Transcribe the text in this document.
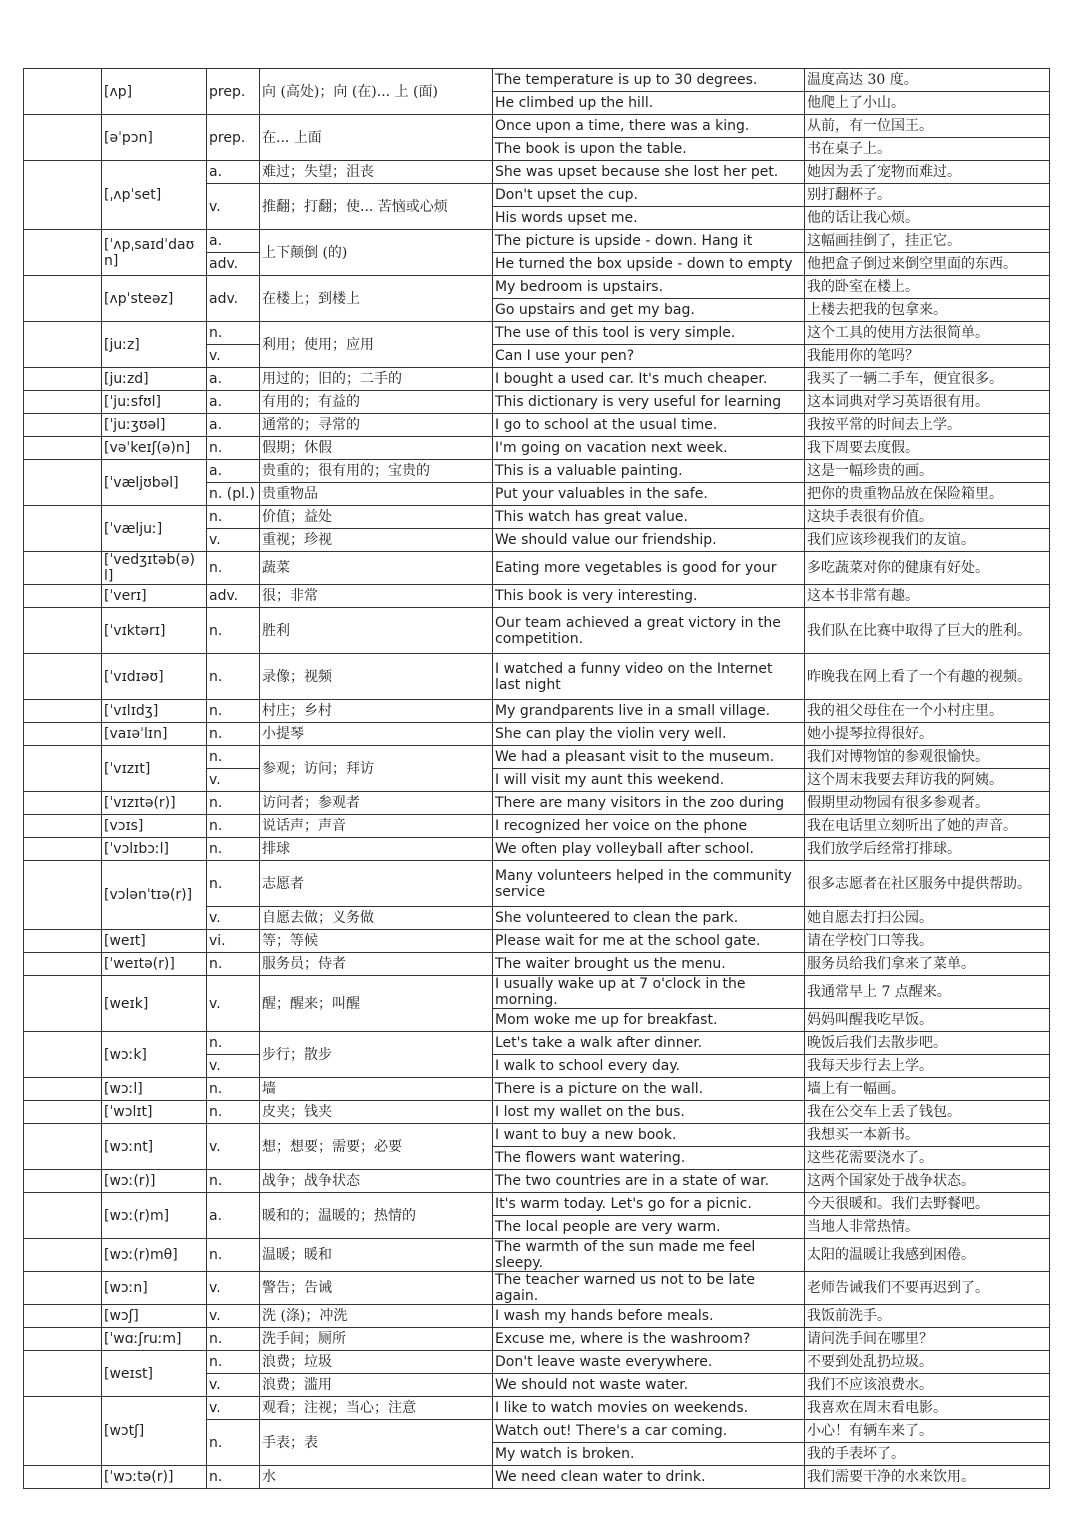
	[ʌp]	prep.	向 (高处)；向 (在)... 上 (面)	The temperature is up to 30 degrees.	温度高达 30 度。
				He climbed up the hill.	他爬上了小山。
	[əˈpɔn]	prep.	在... 上面	Once upon a time, there was a king.	从前，有一位国王。
				The book is upon the table.	书在桌子上。
	[ˌʌpˈset]	a.	难过；失望；沮丧	She was upset because she lost her pet.	她因为丢了宠物而难过。
		v.	推翻；打翻；使... 苦恼或心烦	Don't upset the cup.	别打翻杯子。
				His words upset me.	他的话让我心烦。
	[ˈʌpˌsaɪdˈdaʊn]	a.	上下颠倒 (的)	The picture is upside - down. Hang it	这幅画挂倒了，挂正它。
		adv.		He turned the box upside - down to empty	他把盒子倒过来倒空里面的东西。
	[ʌpˈsteəz]	adv.	在楼上；到楼上	My bedroom is upstairs.	我的卧室在楼上。
				Go upstairs and get my bag.	上楼去把我的包拿来。
	[juːz]	n.	利用；使用；应用	The use of this tool is very simple.	这个工具的使用方法很简单。
		v.		Can I use your pen?	我能用你的笔吗？
	[juːzd]	a.	用过的；旧的；二手的	I bought a used car. It's much cheaper.	我买了一辆二手车，便宜很多。
	[ˈjuːsfʊl]	a.	有用的；有益的	This dictionary is very useful for learning	这本词典对学习英语很有用。
	[ˈjuːʒʊəl]	a.	通常的；寻常的	I go to school at the usual time.	我按平常的时间去上学。
	[vəˈkeɪʃ(ə)n]	n.	假期；休假	I'm going on vacation next week.	我下周要去度假。
	[ˈvæljʊbəl]	a.	贵重的；很有用的；宝贵的	This is a valuable painting.	这是一幅珍贵的画。
		n. (pl.)	贵重物品	Put your valuables in the safe.	把你的贵重物品放在保险箱里。
	[ˈvæljuː]	n.	价值；益处	This watch has great value.	这块手表很有价值。
		v.	重视；珍视	We should value our friendship.	我们应该珍视我们的友谊。
	[ˈvedʒɪtəb(ə)l]	n.	蔬菜	Eating more vegetables is good for your	多吃蔬菜对你的健康有好处。
	[ˈverɪ]	adv.	很；非常	This book is very interesting.	这本书非常有趣。
	[ˈvɪktərɪ]	n.	胜利	Our team achieved a great victory in the competition.	我们队在比赛中取得了巨大的胜利。
	[ˈvɪdɪəʊ]	n.	录像；视频	I watched a funny video on the Internet last night	昨晚我在网上看了一个有趣的视频。
	[ˈvɪlɪdʒ]	n.	村庄；乡村	My grandparents live in a small village.	我的祖父母住在一个小村庄里。
	[vaɪəˈlɪn]	n.	小提琴	She can play the violin very well.	她小提琴拉得很好。
	[ˈvɪzɪt]	n.	参观；访问；拜访	We had a pleasant visit to the museum.	我们对博物馆的参观很愉快。
		v.		I will visit my aunt this weekend.	这个周末我要去拜访我的阿姨。
	[ˈvɪzɪtə(r)]	n.	访问者；参观者	There are many visitors in the zoo during	假期里动物园有很多参观者。
	[vɔɪs]	n.	说话声；声音	I recognized her voice on the phone	我在电话里立刻听出了她的声音。
	[ˈvɔlɪbɔːl]	n.	排球	We often play volleyball after school.	我们放学后经常打排球。
	[vɔlənˈtɪə(r)]	n.	志愿者	Many volunteers helped in the community service	很多志愿者在社区服务中提供帮助。
		v.	自愿去做；义务做	She volunteered to clean the park.	她自愿去打扫公园。
	[weɪt]	vi.	等；等候	Please wait for me at the school gate.	请在学校门口等我。
	[ˈweɪtə(r)]	n.	服务员；侍者	The waiter brought us the menu.	服务员给我们拿来了菜单。
	[weɪk]	v.	醒；醒来；叫醒	I usually wake up at 7 o'clock in the morning.	我通常早上 7 点醒来。
				Mom woke me up for breakfast.	妈妈叫醒我吃早饭。
	[wɔːk]	n.	步行；散步	Let's take a walk after dinner.	晚饭后我们去散步吧。
		v.		I walk to school every day.	我每天步行去上学。
	[wɔːl]	n.	墙	There is a picture on the wall.	墙上有一幅画。
	[ˈwɔlɪt]	n.	皮夹；钱夹	I lost my wallet on the bus.	我在公交车上丢了钱包。
	[wɔːnt]	v.	想；想要；需要；必要	I want to buy a new book.	我想买一本新书。
				The flowers want watering.	这些花需要浇水了。
	[wɔː(r)]	n.	战争；战争状态	The two countries are in a state of war.	这两个国家处于战争状态。
	[wɔː(r)m]	a.	暖和的；温暖的；热情的	It's warm today. Let's go for a picnic.	今天很暖和。我们去野餐吧。
				The local people are very warm.	当地人非常热情。
	[wɔː(r)mθ]	n.	温暖；暖和	The warmth of the sun made me feel sleepy.	太阳的温暖让我感到困倦。
	[wɔːn]	v.	警告；告诫	The teacher warned us not to be late again.	老师告诫我们不要再迟到了。
	[wɔʃ]	v.	洗 (涤)；冲洗	I wash my hands before meals.	我饭前洗手。
	[ˈwɑːʃruːm]	n.	洗手间；厕所	Excuse me, where is the washroom?	请问洗手间在哪里？
	[weɪst]	n.	浪费；垃圾	Don't leave waste everywhere.	不要到处乱扔垃圾。
		v.	浪费；滥用	We should not waste water.	我们不应该浪费水。
	[wɔtʃ]	v.	观看；注视；当心；注意	I like to watch movies on weekends.	我喜欢在周末看电影。
		n.	手表；表	Watch out! There's a car coming.	小心！有辆车来了。
				My watch is broken.	我的手表坏了。
	[ˈwɔːtə(r)]	n.	水	We need clean water to drink.	我们需要干净的水来饮用。
